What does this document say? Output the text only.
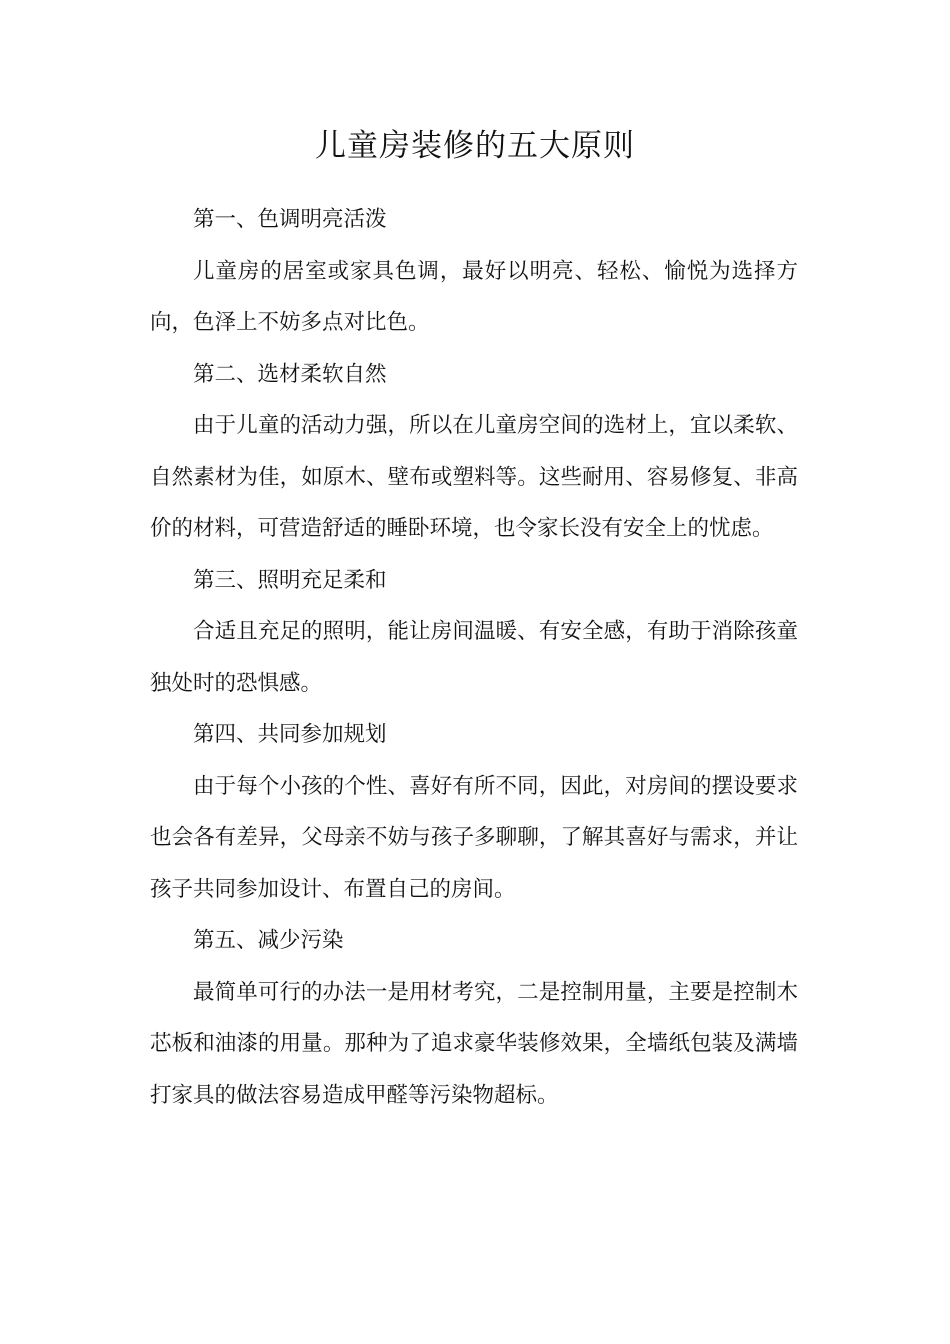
儿童房装修的五大原则

第一、色调明亮活泼

儿童房的居室或家具色调，最好以明亮、轻松、愉悦为选择方向，色泽上不妨多点对比色。

第二、选材柔软自然

由于儿童的活动力强，所以在儿童房空间的选材上，宜以柔软、自然素材为佳，如原木、壁布或塑料等。这些耐用、容易修复、非高价的材料，可营造舒适的睡卧环境，也令家长没有安全上的忧虑。

第三、照明充足柔和

合适且充足的照明，能让房间温暖、有安全感，有助于消除孩童独处时的恐惧感。

第四、共同参加规划

由于每个小孩的个性、喜好有所不同，因此，对房间的摆设要求也会各有差异，父母亲不妨与孩子多聊聊，了解其喜好与需求，并让孩子共同参加设计、布置自己的房间。

第五、减少污染

最简单可行的办法一是用材考究，二是控制用量，主要是控制木芯板和油漆的用量。那种为了追求豪华装修效果，全墙纸包装及满墙打家具的做法容易造成甲醛等污染物超标。
